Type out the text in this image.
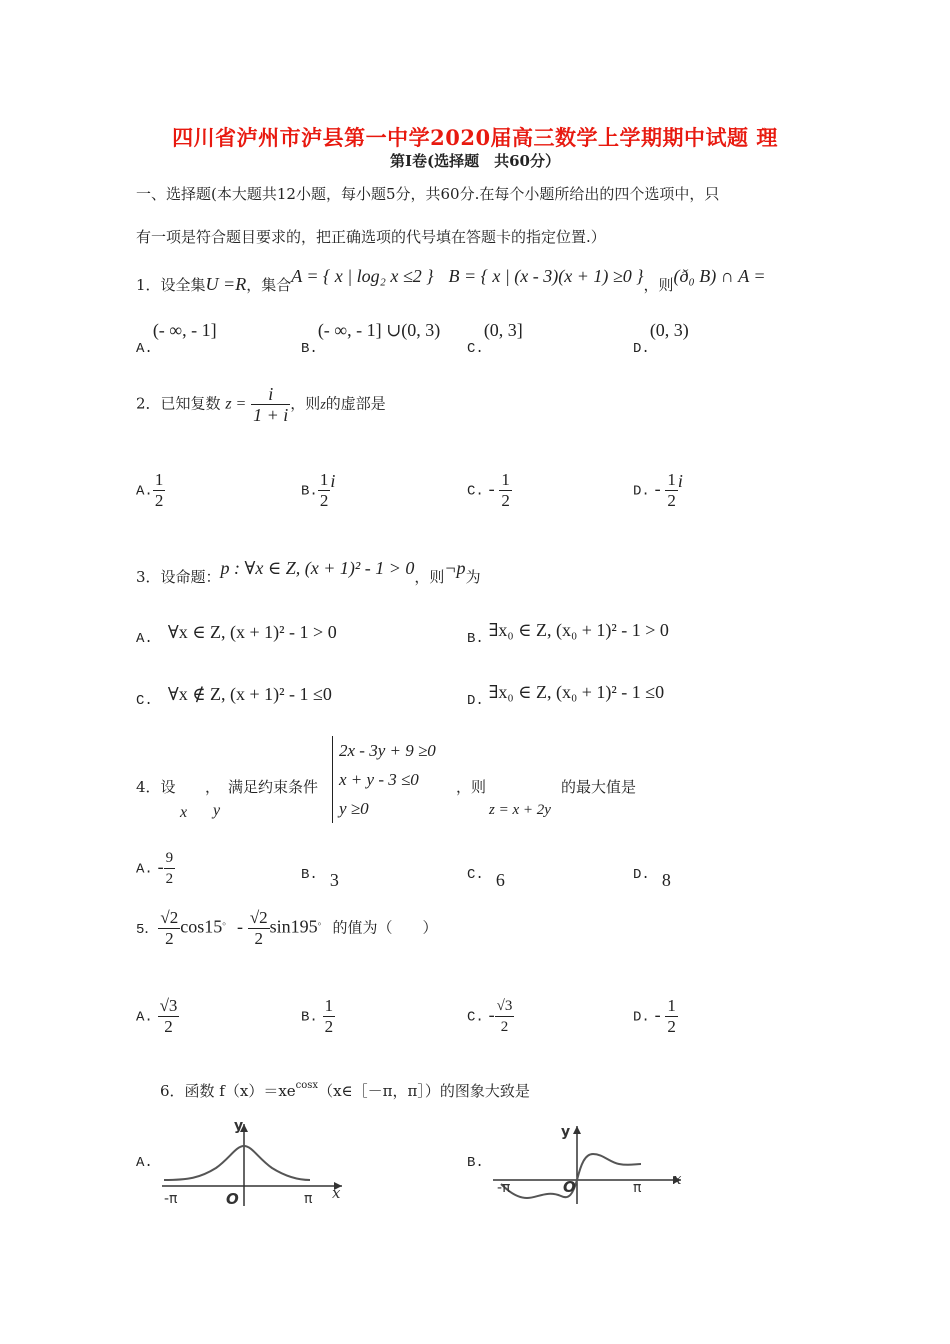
四川省泸州市泸县第一中学2020届高三数学上学期期中试题 理
第Ⅰ卷(选择题　共60分）
一、选择题(本大题共12小题，每小题5分，共60分.在每个小题所给出的四个选项中，只
有一项是符合题目要求的，把正确选项的代号填在答题卡的指定位置.）
1．设全集U =R，集合A = { x | log₂ x ≤2 }　 B = { x | (x - 3)(x + 1) ≥0 }，则(ð₀ B) ∩ A =
A.(- ∞, - 1]
B.(- ∞, - 1] ∪(0, 3)
C.(0, 3]
D.(0, 3)
2．已知复数 $z = \frac{i}{1 + i}$ ，则z的虚部是
A. $\frac{1}{2}$	B. $\frac{1}{2}$ i
C. - $\frac{1}{2}$	D. - $\frac{1}{2}$ i
3．设命题：p : ∀x ∈ Z, (x + 1)² - 1 > 0，则¬p为
A.　 ∀x ∈ Z, (x + 1)² - 1 > 0	B. ∃x₀ ∈ Z, (x₀ + 1)² - 1 > 0
C.　 ∀x ∉ Z, (x + 1)² - 1 ≤0	D. ∃x₀ ∈ Z, (x₀ + 1)² - 1 ≤0
4．设 ， 满足约束条件
x y
2x - 3y + 9 ≥0
x + y - 3 ≤0
y ≥0
，则
z = x + 2y
的最大值是
A. - $\frac{9}{2}$	B. 3	C. 6	D. 8
5． $\frac{√2}{2} \cos 15^。 - \frac{√2}{2} \sin 195^。$ 的值为（　　）
A. $\frac{√3}{2}$	B. $\frac{1}{2}$	C. - $\frac{√3}{2}$	D. - $\frac{1}{2}$
6．函数 $f(x)=xe^{cosx}(x\in[-\pi$，π］）的图象大致是
A.
y
x
O
-π	π
B.
y
x
O
-π	π
